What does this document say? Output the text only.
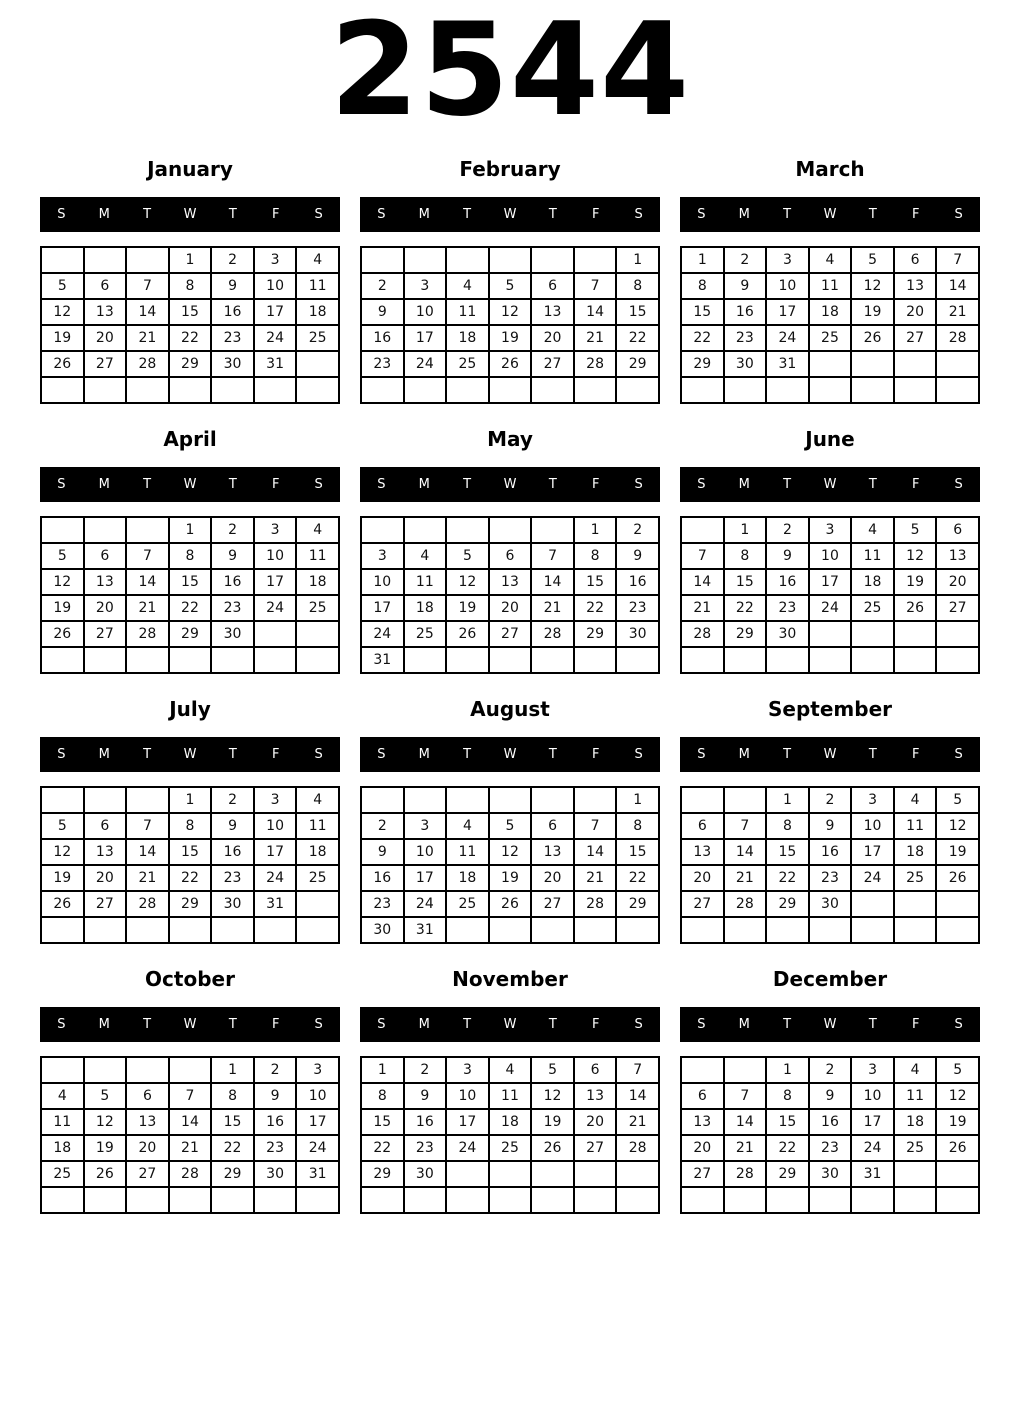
2544
January
S	M	T W T	F	S
			1	2	3	4
5	6	7	8	9	10	11
12	13	14	15	16	17	18
19	20	21	22	23	24	25
26	27	28	29	30	31	

February
S	M	T W T	F	S
						1
2	3	4	5	6	7	8
9	10	11	12	13	14	15
16	17	18	19	20	21	22
23	24	25	26	27	28	29

March
S	M	T W T	F	S
1	2	3	4	5	6	7
8	9	10	11	12	13	14
15	16	17	18	19	20	21
22	23	24	25	26	27	28
29	30	31				

April
S	M	T W T	F	S
			1	2	3	4
5	6	7	8	9	10	11
12	13	14	15	16	17	18
19	20	21	22	23	24	25
26	27	28	29	30		

May
S	M	T W T	F	S
					1	2
3	4	5	6	7	8	9
10	11	12	13	14	15	16
17	18	19	20	21	22	23
24	25	26	27	28	29	30
31						
June
S	M	T W T	F	S
	1	2	3	4	5	6
7	8	9	10	11	12	13
14	15	16	17	18	19	20
21	22	23	24	25	26	27
28	29	30				

July
S	M	T W T	F	S
			1	2	3	4
5	6	7	8	9	10	11
12	13	14	15	16	17	18
19	20	21	22	23	24	25
26	27	28	29	30	31	

August
S	M	T W T	F	S
						1
2	3	4	5	6	7	8
9	10	11	12	13	14	15
16	17	18	19	20	21	22
23	24	25	26	27	28	29
30	31					
September
S	M	T W T	F	S
		1	2	3	4	5
6	7	8	9	10	11	12
13	14	15	16	17	18	19
20	21	22	23	24	25	26
27	28	29	30			

October
S	M	T W T	F	S
				1	2	3
4	5	6	7	8	9	10
11	12	13	14	15	16	17
18	19	20	21	22	23	24
25	26	27	28	29	30	31

November
S	M	T W T	F	S
1	2	3	4	5	6	7
8	9	10	11	12	13	14
15	16	17	18	19	20	21
22	23	24	25	26	27	28
29	30					

December
S	M	T W T	F	S
		1	2	3	4	5
6	7	8	9	10	11	12
13	14	15	16	17	18	19
20	21	22	23	24	25	26
27	28	29	30	31		
